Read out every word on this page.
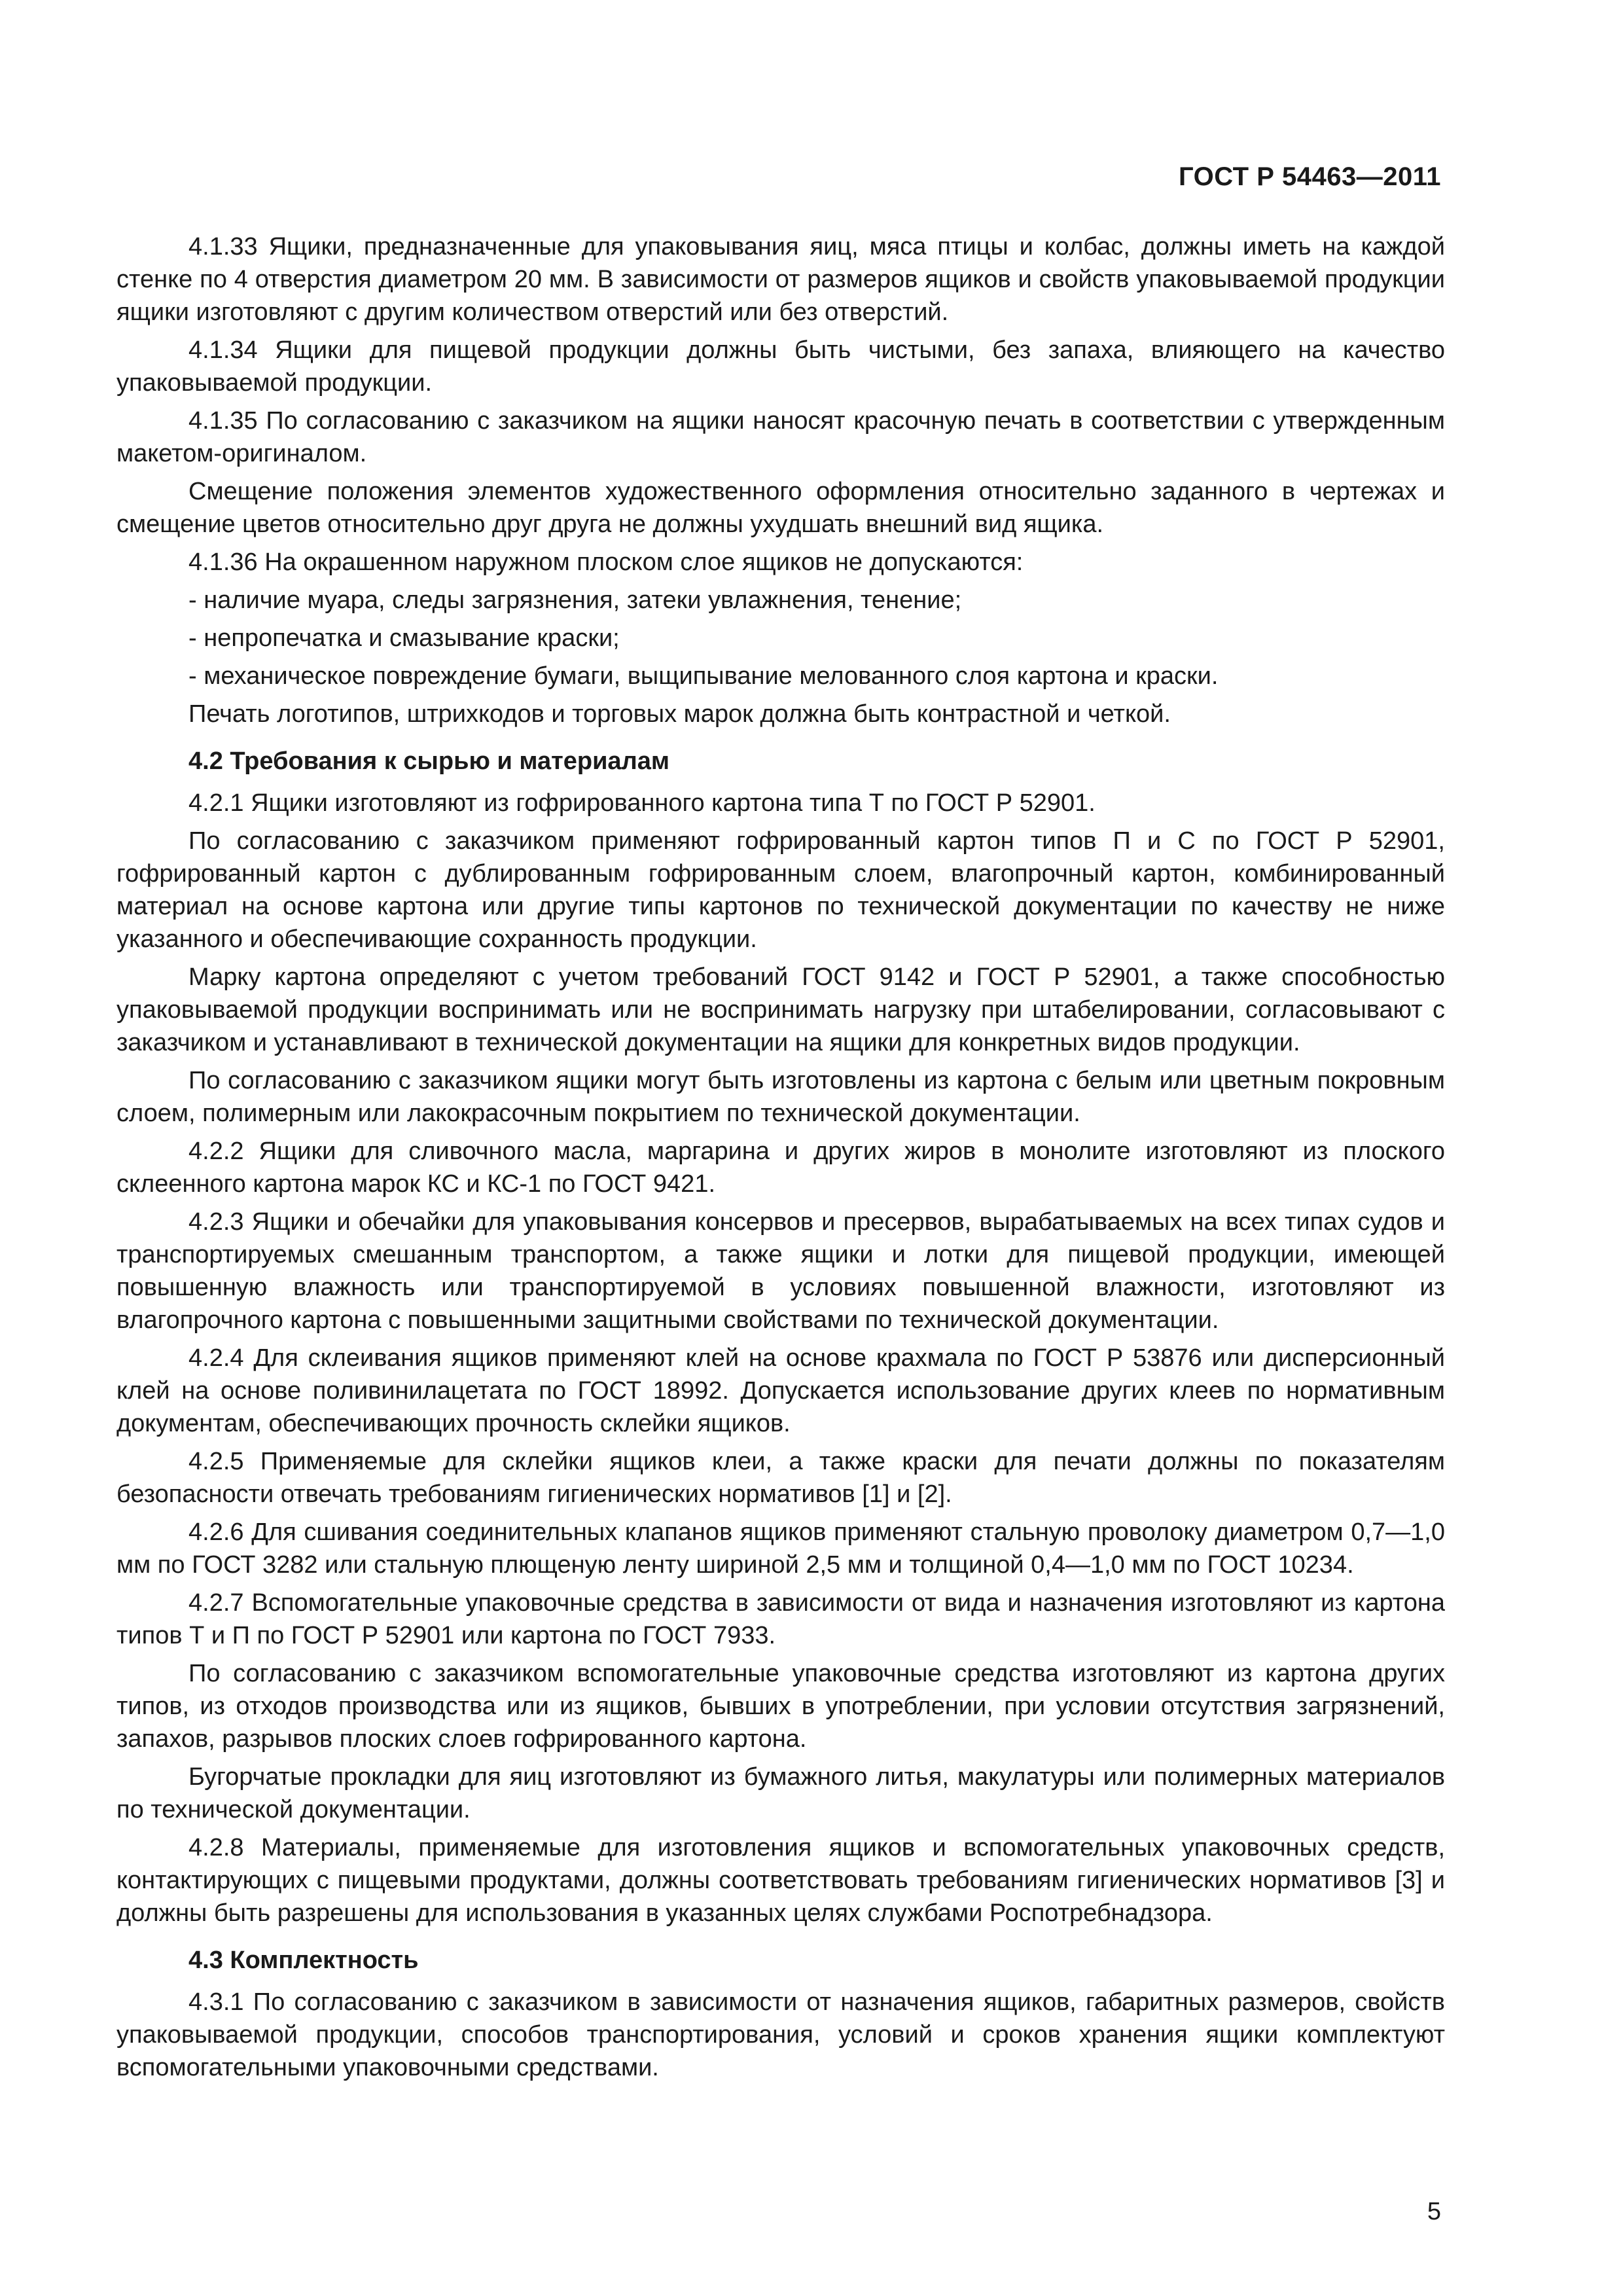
ГОСТ Р 54463—2011

4.1.33 Ящики, предназначенные для упаковывания яиц, мяса птицы и колбас, должны иметь на каждой стенке по 4 отверстия диаметром 20 мм. В зависимости от размеров ящиков и свойств упаковываемой продукции ящики изготовляют с другим количеством отверстий или без отверстий.

4.1.34 Ящики для пищевой продукции должны быть чистыми, без запаха, влияющего на качество упаковываемой продукции.

4.1.35 По согласованию с заказчиком на ящики наносят красочную печать в соответствии с утвержденным макетом-оригиналом.

Смещение положения элементов художественного оформления относительно заданного в чертежах и смещение цветов относительно друг друга не должны ухудшать внешний вид ящика.

4.1.36 На окрашенном наружном плоском слое ящиков не допускаются:

- наличие муара, следы загрязнения, затеки увлажнения, тенение;

- непропечатка и смазывание краски;

- механическое повреждение бумаги, выщипывание мелованного слоя картона и краски.

Печать логотипов, штрихкодов и торговых марок должна быть контрастной и четкой.

4.2 Требования к сырью и материалам

4.2.1 Ящики изготовляют из гофрированного картона типа Т по ГОСТ Р 52901.

По согласованию с заказчиком применяют гофрированный картон типов П и С по ГОСТ Р 52901, гофрированный картон с дублированным гофрированным слоем, влагопрочный картон, комбинированный материал на основе картона или другие типы картонов по технической документации по качеству не ниже указанного и обеспечивающие сохранность продукции.

Марку картона определяют с учетом требований ГОСТ 9142 и ГОСТ Р 52901, а также способностью упаковываемой продукции воспринимать или не воспринимать нагрузку при штабелировании, согласовывают с заказчиком и устанавливают в технической документации на ящики для конкретных видов продукции.

По согласованию с заказчиком ящики могут быть изготовлены из картона с белым или цветным покровным слоем, полимерным или лакокрасочным покрытием по технической документации.

4.2.2 Ящики для сливочного масла, маргарина и других жиров в монолите изготовляют из плоского склеенного картона марок КС и КС-1 по ГОСТ 9421.

4.2.3 Ящики и обечайки для упаковывания консервов и пресервов, вырабатываемых на всех типах судов и транспортируемых смешанным транспортом, а также ящики и лотки для пищевой продукции, имеющей повышенную влажность или транспортируемой в условиях повышенной влажности, изготовляют из влагопрочного картона с повышенными защитными свойствами по технической документации.

4.2.4 Для склеивания ящиков применяют клей на основе крахмала по ГОСТ Р 53876 или дисперсионный клей на основе поливинилацетата по ГОСТ 18992. Допускается использование других клеев по нормативным документам, обеспечивающих прочность склейки ящиков.

4.2.5 Применяемые для склейки ящиков клеи, а также краски для печати должны по показателям безопасности отвечать требованиям гигиенических нормативов [1] и [2].

4.2.6 Для сшивания соединительных клапанов ящиков применяют стальную проволоку диаметром 0,7—1,0 мм по ГОСТ 3282 или стальную плющеную ленту шириной 2,5 мм и толщиной 0,4—1,0 мм по ГОСТ 10234.

4.2.7 Вспомогательные упаковочные средства в зависимости от вида и назначения изготовляют из картона типов Т и П по ГОСТ Р 52901 или картона по ГОСТ 7933.

По согласованию с заказчиком вспомогательные упаковочные средства изготовляют из картона других типов, из отходов производства или из ящиков, бывших в употреблении, при условии отсутствия загрязнений, запахов, разрывов плоских слоев гофрированного картона.

Бугорчатые прокладки для яиц изготовляют из бумажного литья, макулатуры или полимерных материалов по технической документации.

4.2.8 Материалы, применяемые для изготовления ящиков и вспомогательных упаковочных средств, контактирующих с пищевыми продуктами, должны соответствовать требованиям гигиенических нормативов [3] и должны быть разрешены для использования в указанных целях службами Роспотребнадзора.

4.3 Комплектность

4.3.1 По согласованию с заказчиком в зависимости от назначения ящиков, габаритных размеров, свойств упаковываемой продукции, способов транспортирования, условий и сроков хранения ящики комплектуют вспомогательными упаковочными средствами.

5
